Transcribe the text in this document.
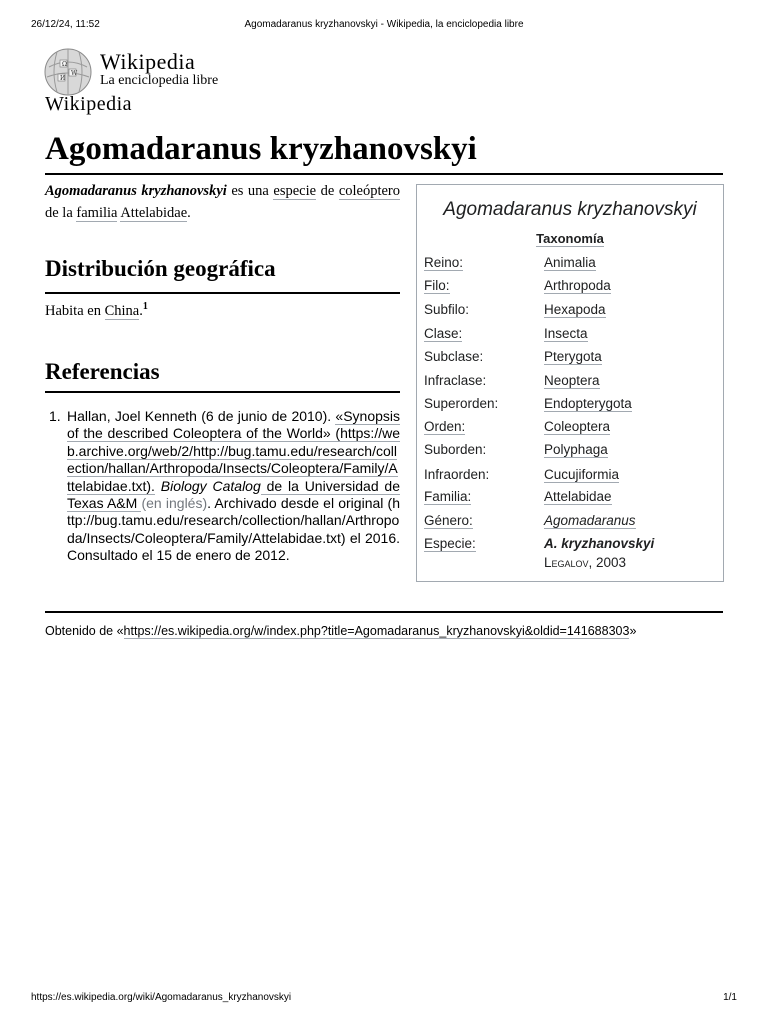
26/12/24, 11:52	Agomadaranus kryzhanovskyi - Wikipedia, la enciclopedia libre
Ω
W
И
Wikipedia
La enciclopedia libre
Wikipedia
Agomadaranus kryzhanovskyi
Agomadaranus kryzhanovskyi es una especie de coleóptero de la familia Attelabidae.
Distribución geográfica
Habita en China.$^1$
Referencias
1. Hallan, Joel Kenneth (6 de junio de 2010). «Synopsis of the described Coleoptera of the World» (https://web.archive.org/web/2/http://bug.tamu.edu/research/collection/hallan/Arthropoda/Insects/Coleoptera/Family/Attelabidae.txt). Biology Catalog de la Universidad de Texas A&M (en inglés). Archivado desde el original (http://bug.tamu.edu/research/collection/hallan/Arthropoda/Insects/Coleoptera/Family/Attelabidae.txt) el 2016. Consultado el 15 de enero de 2012.
Agomadaranus kryzhanovskyi
Taxonomía
Reino:	Animalia
Filo:	Arthropoda
Subfilo:	Hexapoda
Clase:	Insecta
Subclase:	Pterygota
Infraclase:	Neoptera
Superorden:	Endopterygota
Orden:	Coleoptera
Suborden:	Polyphaga
Infraorden:	Cucujiformia
Familia:	Attelabidae
Género:	Agomadaranus
Especie:	A. kryzhanovskyi
Legalov, 2003
Obtenido de «https://es.wikipedia.org/w/index.php?title=Agomadaranus_kryzhanovskyi&oldid=141688303»
https://es.wikipedia.org/wiki/Agomadaranus_kryzhanovskyi	1/1
